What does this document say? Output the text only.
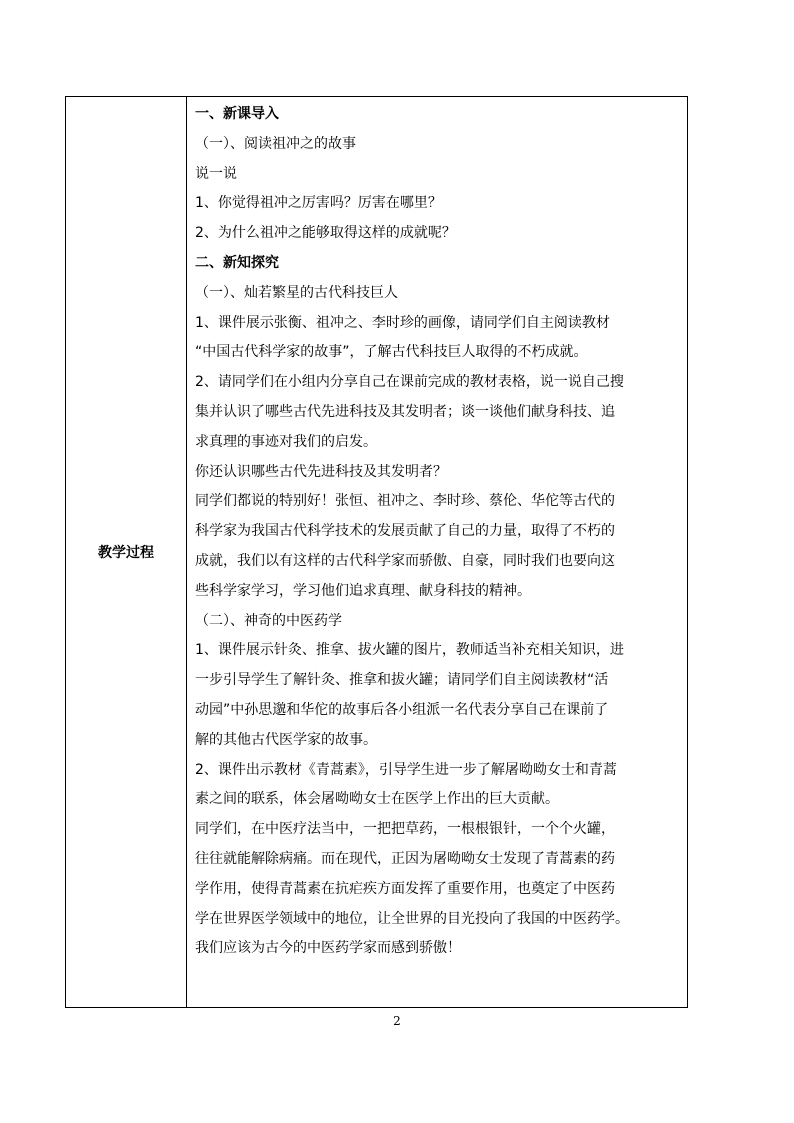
教学过程	
一、新课导入
（一）、阅读祖冲之的故事
说一说
1、你觉得祖冲之厉害吗？厉害在哪里？
2、为什么祖冲之能够取得这样的成就呢？
二、新知探究
（一）、灿若繁星的古代科技巨人
1、课件展示张衡、祖冲之、李时珍的画像，请同学们自主阅读教材
“中国古代科学家的故事”，了解古代科技巨人取得的不朽成就。
2、请同学们在小组内分享自己在课前完成的教材表格，说一说自己搜
集并认识了哪些古代先进科技及其发明者；谈一谈他们献身科技、追
求真理的事迹对我们的启发。
你还认识哪些古代先进科技及其发明者？
同学们都说的特别好！张恒、祖冲之、李时珍、蔡伦、华佗等古代的
科学家为我国古代科学技术的发展贡献了自己的力量，取得了不朽的
成就，我们以有这样的古代科学家而骄傲、自豪，同时我们也要向这
些科学家学习，学习他们追求真理、献身科技的精神。
（二）、神奇的中医药学
1、课件展示针灸、推拿、拔火罐的图片，教师适当补充相关知识，进
一步引导学生了解针灸、推拿和拔火罐；请同学们自主阅读教材“活
动园”中孙思邈和华佗的故事后各小组派一名代表分享自己在课前了
解的其他古代医学家的故事。
2、课件出示教材《青蒿素》，引导学生进一步了解屠呦呦女士和青蒿
素之间的联系，体会屠呦呦女士在医学上作出的巨大贡献。
同学们，在中医疗法当中，一把把草药，一根根银针，一个个火罐，
往往就能解除病痛。而在现代，正因为屠呦呦女士发现了青蒿素的药
学作用，使得青蒿素在抗疟疾方面发挥了重要作用，也奠定了中医药
学在世界医学领域中的地位，让全世界的目光投向了我国的中医药学。
我们应该为古今的中医药学家而感到骄傲！
2
